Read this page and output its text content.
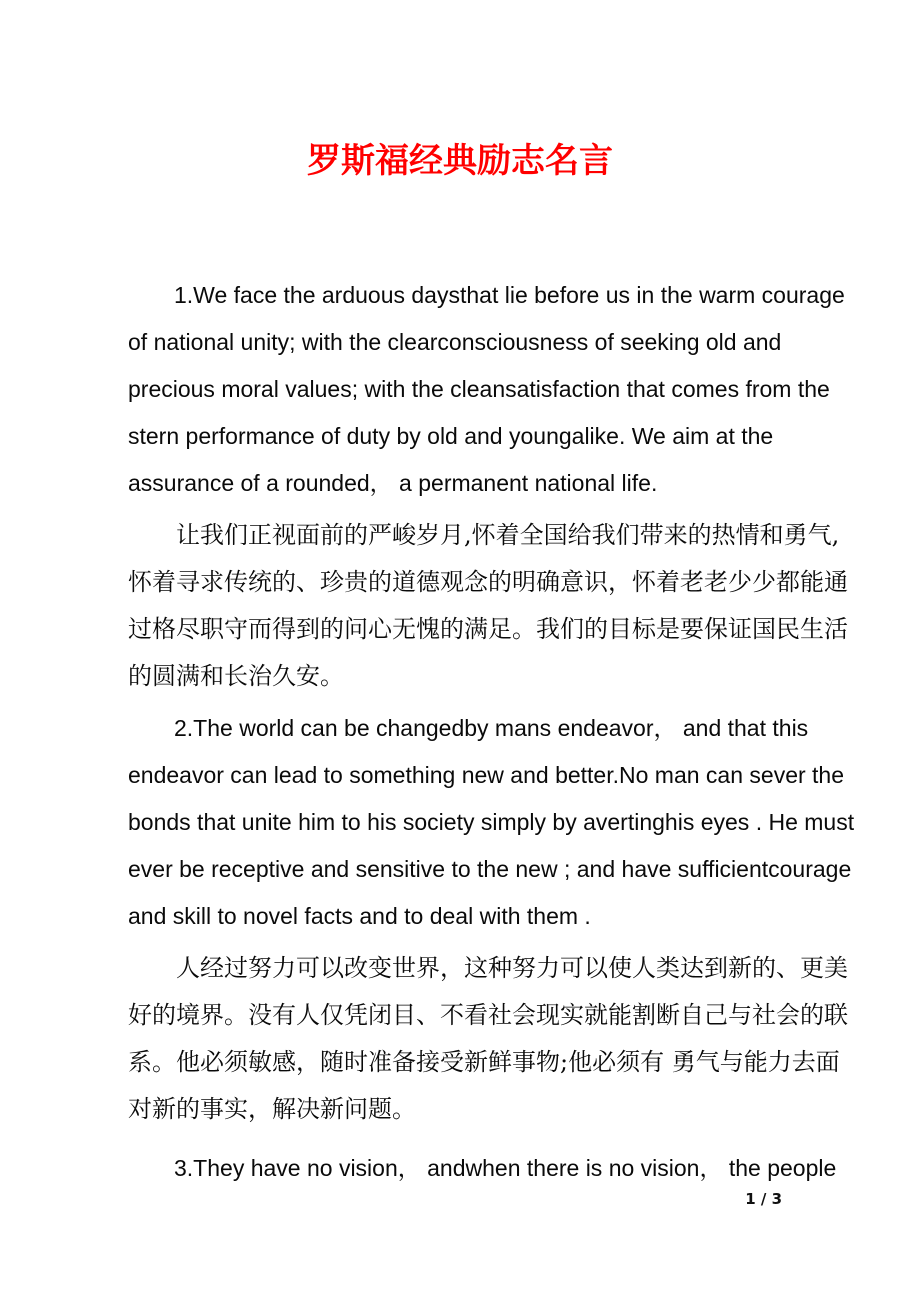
罗斯福经典励志名言
1.We face the arduous daysthat lie before us in the warm courage
of national unity; with the clearconsciousness of seeking old and
precious moral values; with the cleansatisfaction that comes from the
stern performance of duty by old and youngalike. We aim at the
assurance of a rounded， a permanent national life.
让我们正视面前的严峻岁月,怀着全国给我们带来的热情和勇气,
怀着寻求传统的、珍贵的道德观念的明确意识，怀着老老少少都能通
过格尽职守而得到的问心无愧的满足。我们的目标是要保证国民生活
的圆满和长治久安。
2.The world can be changedby mans endeavor， and that this
endeavor can lead to something new and better.No man can sever the
bonds that unite him to his society simply by avertinghis eyes . He must
ever be receptive and sensitive to the new ; and have sufficientcourage
and skill to novel facts and to deal with them .
人经过努力可以改变世界，这种努力可以使人类达到新的、更美
好的境界。没有人仅凭闭目、不看社会现实就能割断自己与社会的联
系。他必须敏感，随时准备接受新鲜事物;他必须有 勇气与能力去面
对新的事实，解决新问题。
3.They have no vision， andwhen there is no vision， the people
1 / 3
